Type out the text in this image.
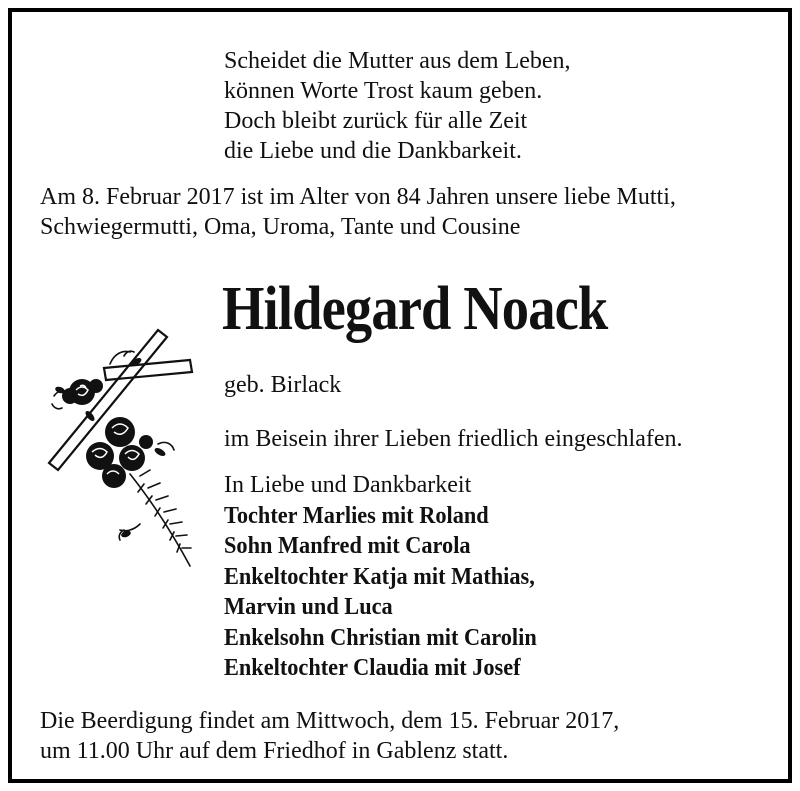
Scheidet die Mutter aus dem Leben,
können Worte Trost kaum geben.
Doch bleibt zurück für alle Zeit
die Liebe und die Dankbarkeit.
Am 8. Februar 2017 ist im Alter von 84 Jahren unsere liebe Mutti,
Schwiegermutti, Oma, Uroma, Tante und Cousine
Hildegard Noack
geb. Birlack
im Beisein ihrer Lieben friedlich eingeschlafen.
In Liebe und Dankbarkeit
Tochter Marlies mit Roland
Sohn Manfred mit Carola
Enkeltochter Katja mit Mathias,
Marvin und Luca
Enkelsohn Christian mit Carolin
Enkeltochter Claudia mit Josef
Die Beerdigung findet am Mittwoch, dem 15. Februar 2017,
um 11.00 Uhr auf dem Friedhof in Gablenz statt.
